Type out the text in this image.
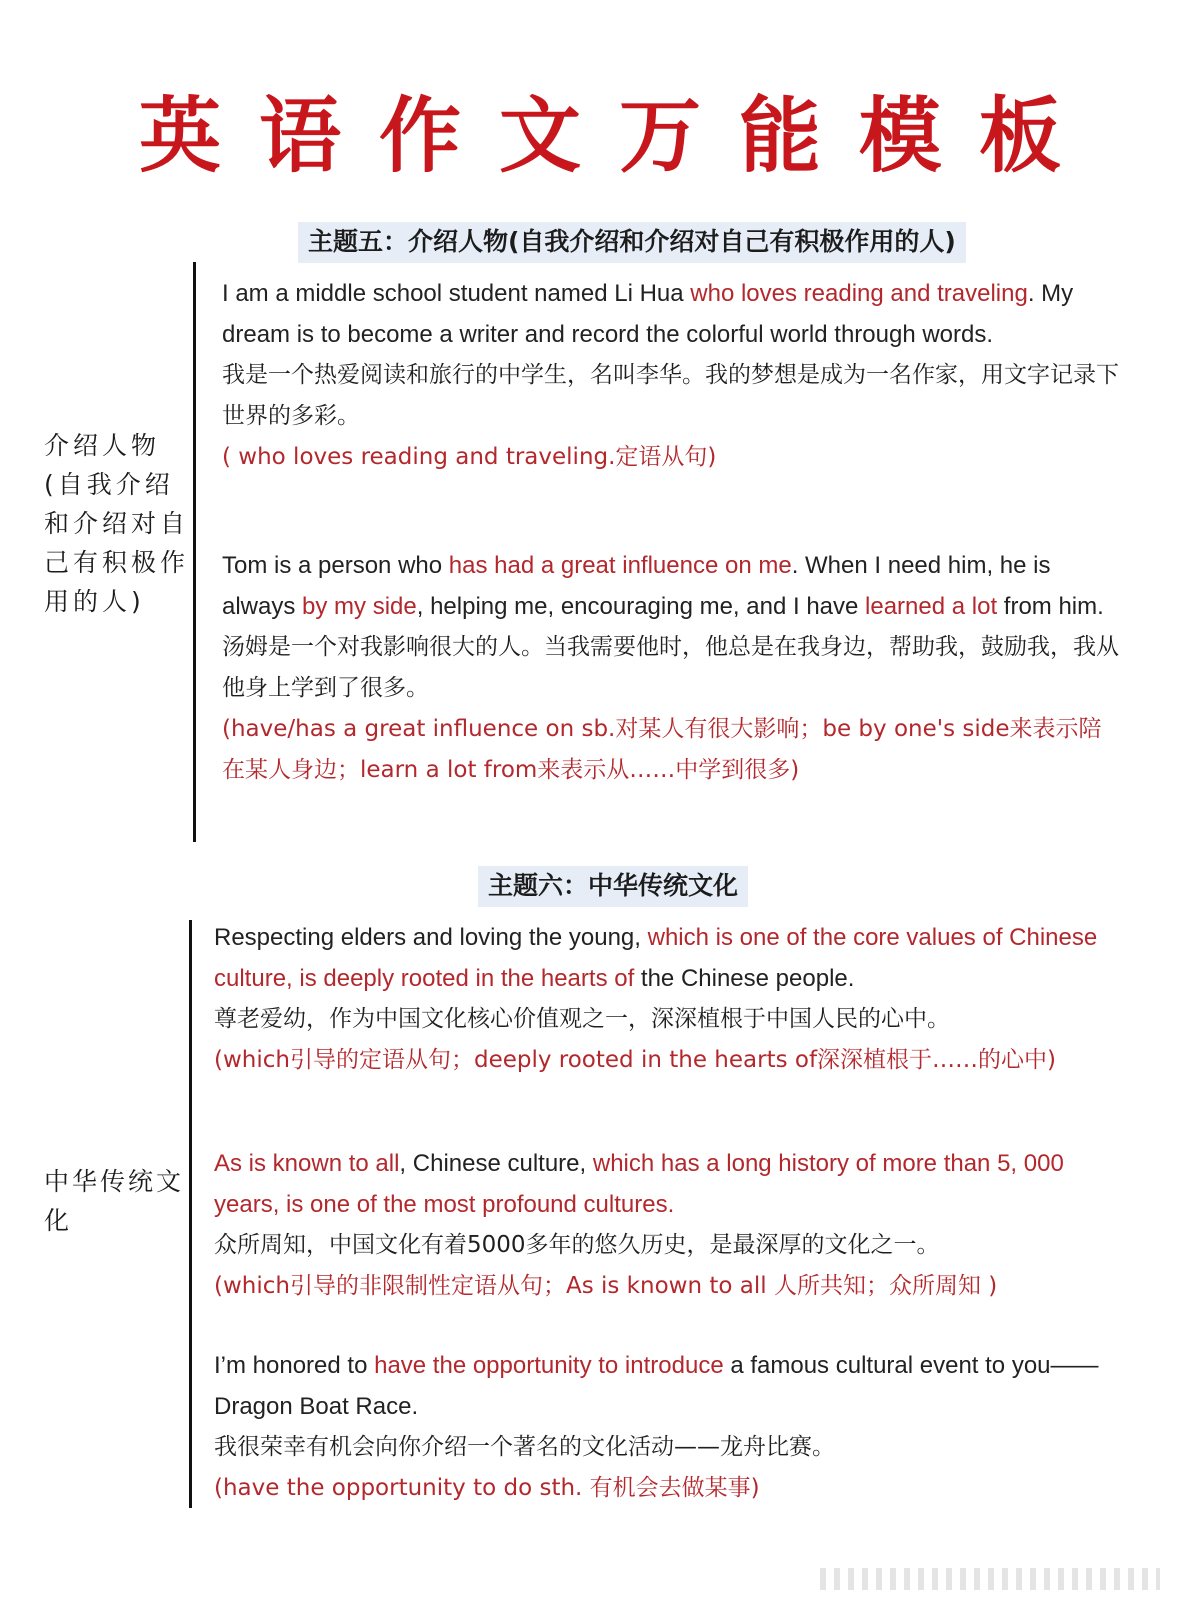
英语作文万能模板
主题五：介绍人物(自我介绍和介绍对自己有积极作用的人)
介绍人物
(自我介绍
和介绍对自
己有积极作
用的人)

I am a middle school student named Li Hua who loves reading and traveling. My dream is to become a writer and record the colorful world through words.

我是一个热爱阅读和旅行的中学生，名叫李华。我的梦想是成为一名作家，用文字记录下世界的多彩。

( who loves reading and traveling.定语从句)

Tom is a person who has had a great influence on me. When I need him, he is always by my side, helping me, encouraging me, and I have learned a lot from him.

汤姆是一个对我影响很大的人。当我需要他时，他总是在我身边，帮助我，鼓励我，我从他身上学到了很多。

(have/has a great influence on sb.对某人有很大影响；be by one's side来表示陪在某人身边；learn a lot from来表示从……中学到很多)

主题六：中华传统文化
中华传统文
化

Respecting elders and loving the young, which is one of the core values of Chinese culture, is deeply rooted in the hearts of the Chinese people.

尊老爱幼，作为中国文化核心价值观之一，深深植根于中国人民的心中。

(which引导的定语从句；deeply rooted in the hearts of深深植根于……的心中)

As is known to all, Chinese culture, which has a long history of more than 5, 000 years, is one of the most profound cultures.

众所周知，中国文化有着5000多年的悠久历史，是最深厚的文化之一。

(which引导的非限制性定语从句；As is known to all 人所共知；众所周知 )

I’m honored to have the opportunity to introduce a famous cultural event to you—— Dragon Boat Race.

我很荣幸有机会向你介绍一个著名的文化活动——龙舟比赛。

(have the opportunity to do sth. 有机会去做某事)
